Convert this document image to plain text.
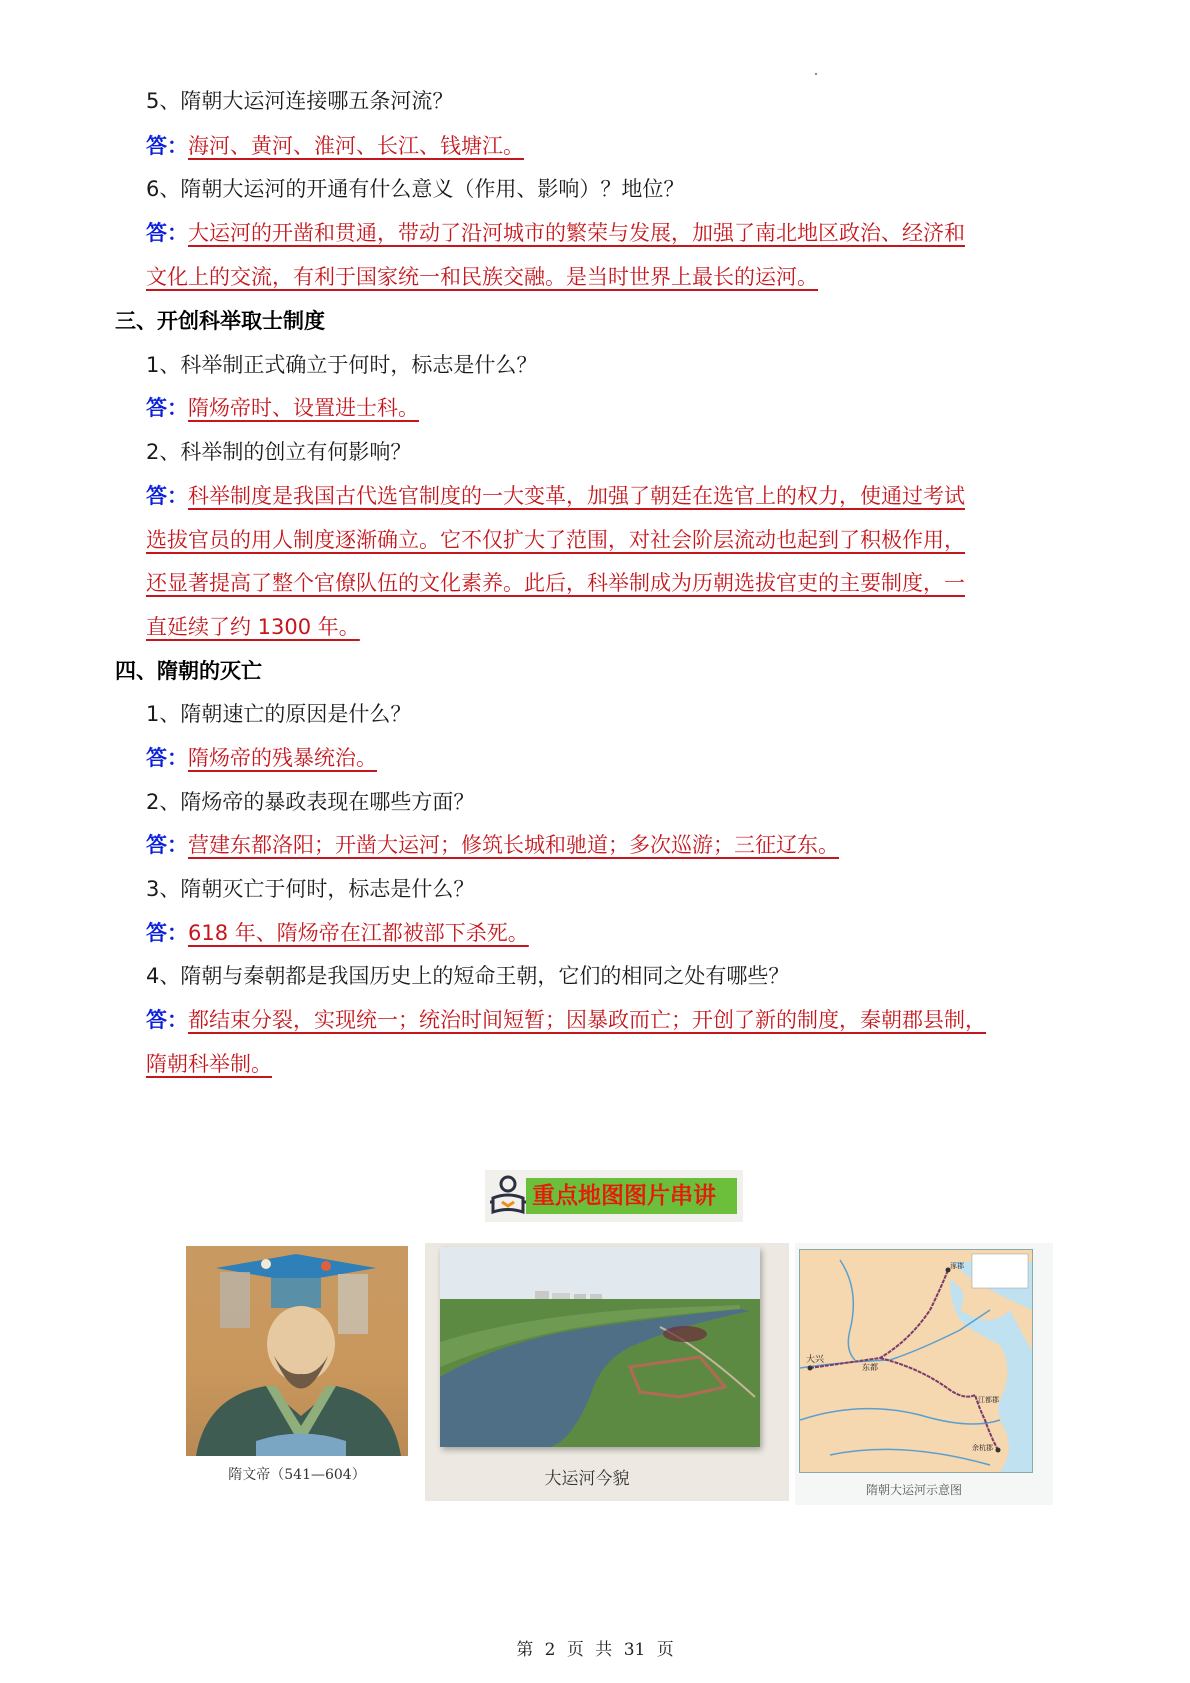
5、隋朝大运河连接哪五条河流？
答：海河、黄河、淮河、长江、钱塘江。
6、隋朝大运河的开通有什么意义（作用、影响）？地位？
答：大运河的开凿和贯通，带动了沿河城市的繁荣与发展，加强了南北地区政治、经济和
文化上的交流，有利于国家统一和民族交融。是当时世界上最长的运河。
三、开创科举取士制度
1、科举制正式确立于何时，标志是什么？
答：隋炀帝时、设置进士科。
2、科举制的创立有何影响？
答：科举制度是我国古代选官制度的一大变革，加强了朝廷在选官上的权力，使通过考试
选拔官员的用人制度逐渐确立。它不仅扩大了范围，对社会阶层流动也起到了积极作用，
还显著提高了整个官僚队伍的文化素养。此后，科举制成为历朝选拔官吏的主要制度，一
直延续了约 1300 年。
四、隋朝的灭亡
1、隋朝速亡的原因是什么？
答：隋炀帝的残暴统治。
2、隋炀帝的暴政表现在哪些方面？
答：营建东都洛阳；开凿大运河；修筑长城和驰道；多次巡游；三征辽东。
3、隋朝灭亡于何时，标志是什么？
答：618 年、隋炀帝在江都被部下杀死。
4、隋朝与秦朝都是我国历史上的短命王朝，它们的相同之处有哪些？
答：都结束分裂，实现统一；统治时间短暂；因暴政而亡；开创了新的制度，秦朝郡县制，
隋朝科举制。
重点地图图片串讲
隋文帝（541—604）	大运河今貌
大兴
涿郡
东都
江都郡
余杭郡
隋朝大运河示意图
第 2 页 共 31 页
